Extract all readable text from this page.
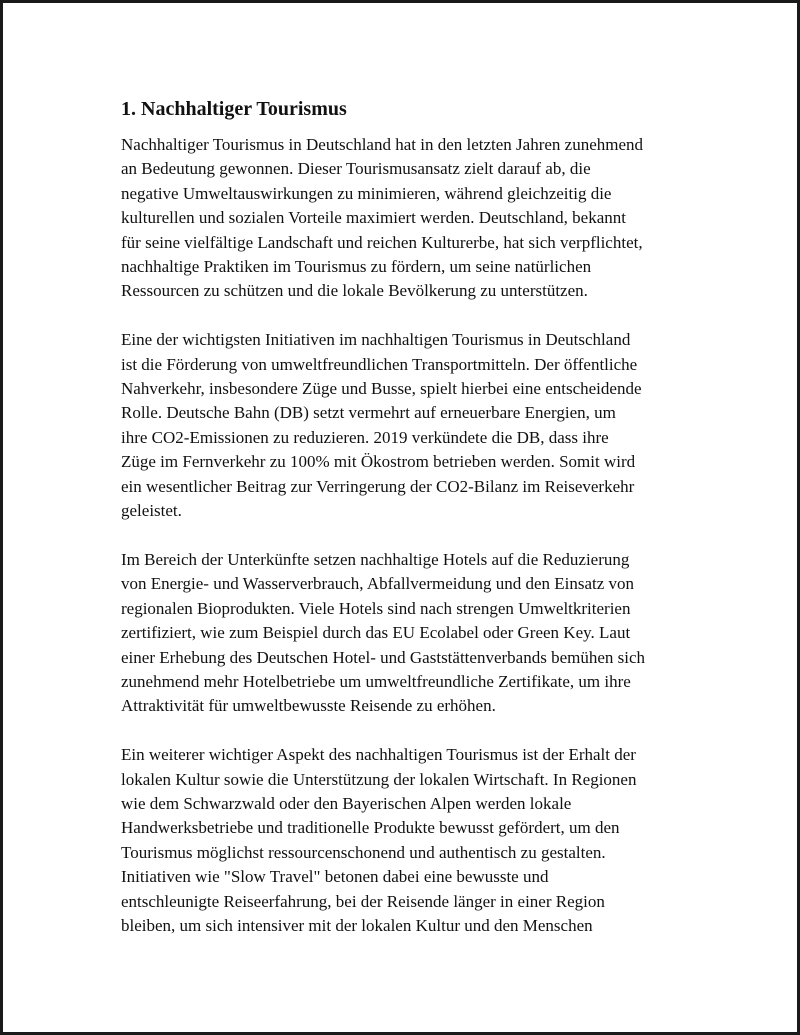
1. Nachhaltiger Tourismus

Nachhaltiger Tourismus in Deutschland hat in den letzten Jahren zunehmend
an Bedeutung gewonnen. Dieser Tourismusansatz zielt darauf ab, die
negative Umweltauswirkungen zu minimieren, während gleichzeitig die
kulturellen und sozialen Vorteile maximiert werden. Deutschland, bekannt
für seine vielfältige Landschaft und reichen Kulturerbe, hat sich verpflichtet,
nachhaltige Praktiken im Tourismus zu fördern, um seine natürlichen
Ressourcen zu schützen und die lokale Bevölkerung zu unterstützen.

Eine der wichtigsten Initiativen im nachhaltigen Tourismus in Deutschland
ist die Förderung von umweltfreundlichen Transportmitteln. Der öffentliche
Nahverkehr, insbesondere Züge und Busse, spielt hierbei eine entscheidende
Rolle. Deutsche Bahn (DB) setzt vermehrt auf erneuerbare Energien, um
ihre CO2-Emissionen zu reduzieren. 2019 verkündete die DB, dass ihre
Züge im Fernverkehr zu 100% mit Ökostrom betrieben werden. Somit wird
ein wesentlicher Beitrag zur Verringerung der CO2-Bilanz im Reiseverkehr
geleistet.

Im Bereich der Unterkünfte setzen nachhaltige Hotels auf die Reduzierung
von Energie- und Wasserverbrauch, Abfallvermeidung und den Einsatz von
regionalen Bioprodukten. Viele Hotels sind nach strengen Umweltkriterien
zertifiziert, wie zum Beispiel durch das EU Ecolabel oder Green Key. Laut
einer Erhebung des Deutschen Hotel- und Gaststättenverbands bemühen sich
zunehmend mehr Hotelbetriebe um umweltfreundliche Zertifikate, um ihre
Attraktivität für umweltbewusste Reisende zu erhöhen.

Ein weiterer wichtiger Aspekt des nachhaltigen Tourismus ist der Erhalt der
lokalen Kultur sowie die Unterstützung der lokalen Wirtschaft. In Regionen
wie dem Schwarzwald oder den Bayerischen Alpen werden lokale
Handwerksbetriebe und traditionelle Produkte bewusst gefördert, um den
Tourismus möglichst ressourcenschonend und authentisch zu gestalten.
Initiativen wie "Slow Travel" betonen dabei eine bewusste und
entschleunigte Reiseerfahrung, bei der Reisende länger in einer Region
bleiben, um sich intensiver mit der lokalen Kultur und den Menschen
